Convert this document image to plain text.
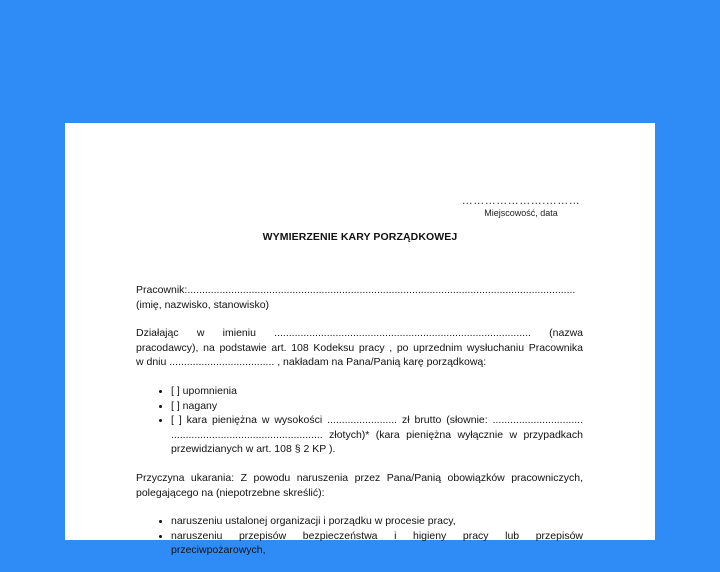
………………….………
Miejscowość, data
WYMIERZENIE KARY PORZĄDKOWEJ

Pracownik:.....................................................................................................................................
(imię, nazwisko, stanowisko)

Działając w imieniu ........................................................................................ (nazwa
pracodawcy), na podstawie art. 108 Kodeksu pracy , po uprzednim wysłuchaniu Pracownika
w dniu .................................... , nakładam na Pana/Panią karę porządkową:

• [ ] upomnienia
• [ ] nagany
• [ ] kara pieniężna w wysokości ........................ zł brutto (słownie: ............................... .................................................... złotych)* (kara pieniężna wyłącznie w przypadkach przewidzianych w art. 108 § 2 KP ).

Przyczyna ukarania: Z powodu naruszenia przez Pana/Panią obowiązków pracowniczych, polegającego na (niepotrzebne skreślić):

• naruszeniu ustalonej organizacji i porządku w procesie pracy,
• naruszeniu przepisów bezpieczeństwa i higieny pracy lub przepisów przeciwpożarowych,
